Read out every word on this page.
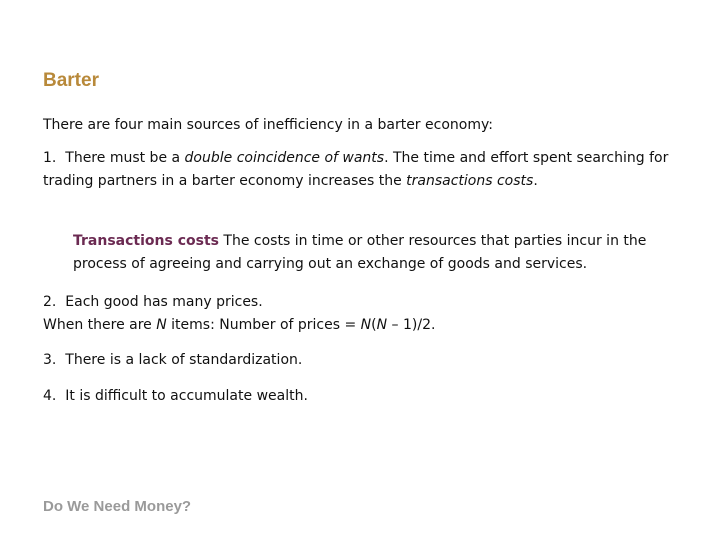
Barter
There are four main sources of inefficiency in a barter economy:
1. There must be a double coincidence of wants. The time and effort spent searching for trading partners in a barter economy increases the transactions costs.
Transactions costs The costs in time or other resources that parties incur in the process of agreeing and carrying out an exchange of goods and services.
2. Each good has many prices.
When there are N items: Number of prices = N(N – 1)/2.
3. There is a lack of standardization.
4. It is difficult to accumulate wealth.
Do We Need Money?
